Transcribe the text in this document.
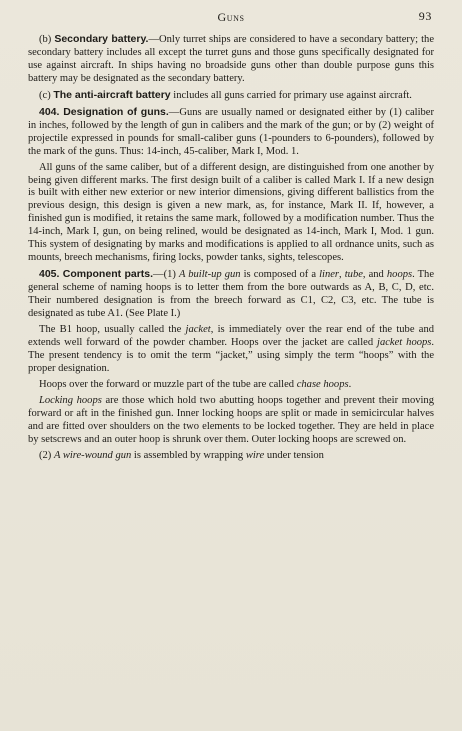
Guns	93

(b) Secondary battery.—Only turret ships are considered to have a secondary battery; the secondary battery includes all except the turret guns and those guns specifically designated for use against aircraft. In ships having no broadside guns other than double purpose guns this battery may be designated as the secondary battery.

(c) The anti-aircraft battery includes all guns carried for primary use against aircraft.

404. Designation of guns.—Guns are usually named or designated either by (1) caliber in inches, followed by the length of gun in calibers and the mark of the gun; or by (2) weight of projectile expressed in pounds for small-caliber guns (1-pounders to 6-pounders), followed by the mark of the guns. Thus: 14-inch, 45-caliber, Mark I, Mod. 1.

All guns of the same caliber, but of a different design, are distinguished from one another by being given different marks. The first design built of a caliber is called Mark I. If a new design is built with either new exterior or new interior dimensions, giving different ballistics from the previous design, this design is given a new mark, as, for instance, Mark II. If, however, a finished gun is modified, it retains the same mark, followed by a modification number. Thus the 14-inch, Mark I, gun, on being relined, would be designated as 14-inch, Mark I, Mod. 1 gun. This system of designating by marks and modifications is applied to all ordnance units, such as mounts, breech mechanisms, firing locks, powder tanks, sights, telescopes.

405. Component parts.—(1) A built-up gun is composed of a liner, tube, and hoops. The general scheme of naming hoops is to letter them from the bore outwards as A, B, C, D, etc. Their numbered designation is from the breech forward as C1, C2, C3, etc. The tube is designated as tube A1. (See Plate I.)

The B1 hoop, usually called the jacket, is immediately over the rear end of the tube and extends well forward of the powder chamber. Hoops over the jacket are called jacket hoops. The present tendency is to omit the term “jacket,” using simply the term “hoops” with the proper designation.

Hoops over the forward or muzzle part of the tube are called chase hoops.

Locking hoops are those which hold two abutting hoops together and prevent their moving forward or aft in the finished gun. Inner locking hoops are split or made in semicircular halves and are fitted over shoulders on the two elements to be locked together. They are held in place by setscrews and an outer hoop is shrunk over them. Outer locking hoops are screwed on.

(2) A wire-wound gun is assembled by wrapping wire under tension
